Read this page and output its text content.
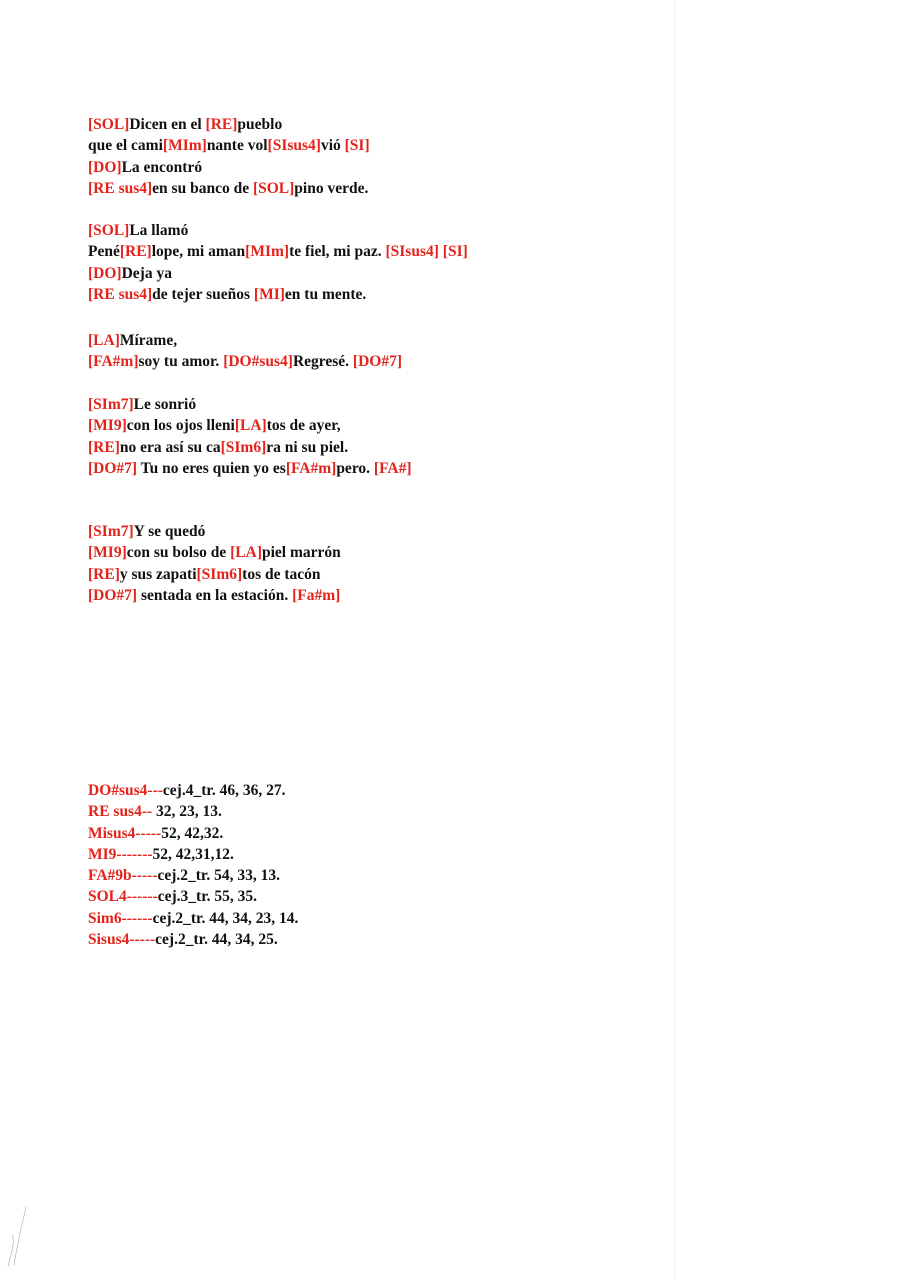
[SOL]Dicen en el [RE]pueblo
que el cami[MIm]nante vol[SIsus4]vió [SI]
[DO]La encontró
[RE sus4]en su banco de [SOL]pino verde.
[SOL]La llamó
Pené[RE]lope, mi aman[MIm]te fiel, mi paz. [SIsus4] [SI]
[DO]Deja ya
[RE sus4]de tejer sueños [MI]en tu mente.
[LA]Mírame,
[FA#m]soy tu amor. [DO#sus4]Regresé. [DO#7]
[SIm7]Le sonrió
[MI9]con los ojos lleni[LA]tos de ayer,
[RE]no era así su ca[SIm6]ra ni su piel.
[DO#7] Tu no eres quien yo es[FA#m]pero. [FA#]
[SIm7]Y se quedó
[MI9]con su bolso de [LA]piel marrón
[RE]y sus zapati[SIm6]tos de tacón
[DO#7] sentada en la estación. [Fa#m]
DO#sus4---cej.4_tr. 46, 36, 27.
RE sus4-- 32, 23, 13.
Misus4-----52, 42,32.
MI9-------52, 42,31,12.
FA#9b-----cej.2_tr. 54, 33, 13.
SOL4------cej.3_tr. 55, 35.
Sim6------cej.2_tr. 44, 34, 23, 14.
Sisus4-----cej.2_tr. 44, 34, 25.
